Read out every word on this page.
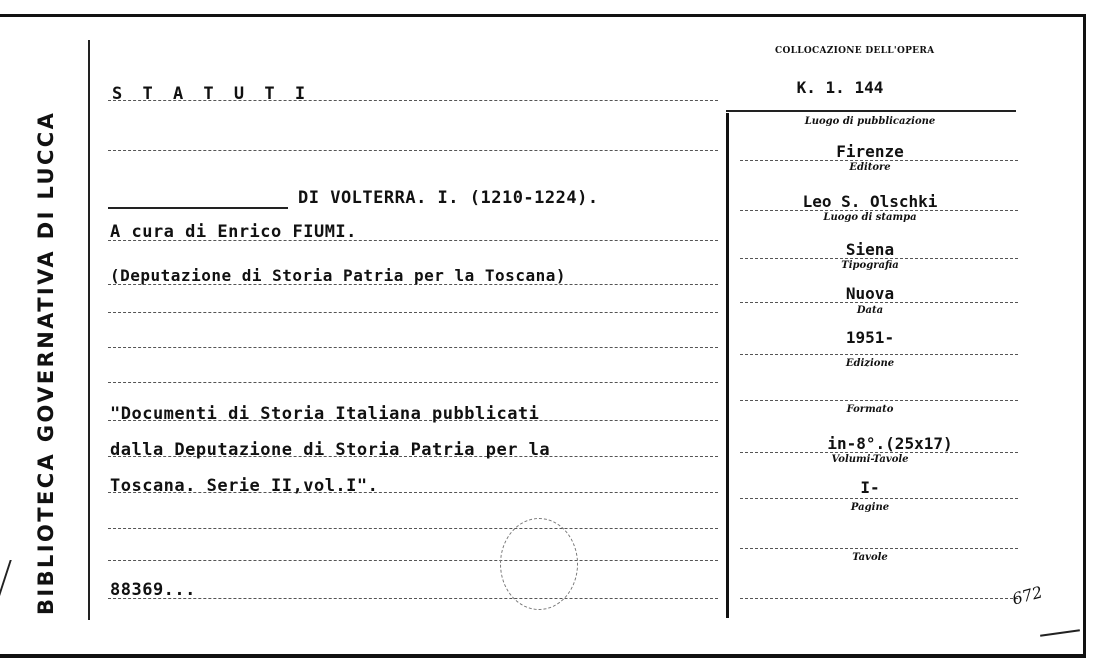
BIBLIOTECA GOVERNATIVA DI LUCCA
S T A T U T I
DI VOLTERRA. I. (1210-1224).
A cura di Enrico FIUMI.
(Deputazione di Storia Patria per la Toscana)
"Documenti di Storia Italiana pubblicati
dalla Deputazione di Storia Patria per la
Toscana. Serie II,vol.I".
88369...
COLLOCAZIONE DELL'OPERA
K. 1. 144
Luogo di pubblicazione
Firenze
Editore
Leo S. Olschki
Luogo di stampa
Siena
Tipografia
Nuova
Data
1951-
Edizione
Formato
in-8°.(25x17)
Volumi-Tavole
I-
Pagine
Tavole
672
